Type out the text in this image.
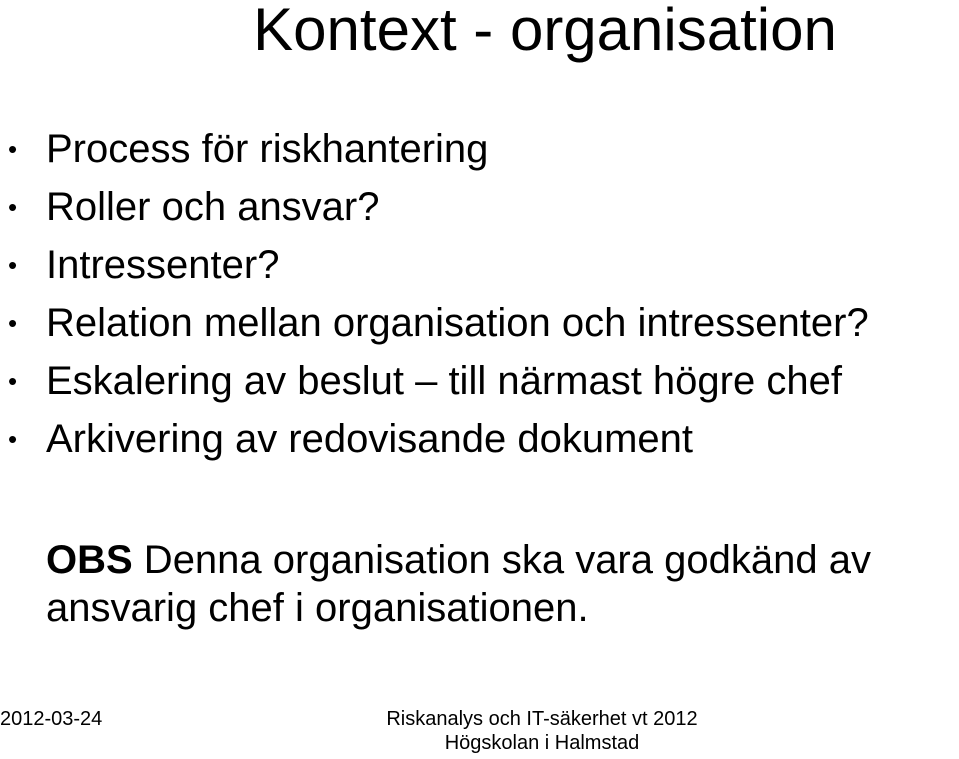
Kontext - organisation
• Process för riskhantering
• Roller och ansvar?
• Intressenter?
• Relation mellan organisation och intressenter?
• Eskalering av beslut – till närmast högre chef
• Arkivering av redovisande dokument
OBS Denna organisation ska vara godkänd av ansvarig chef i organisationen.
2012-03-24	Riskanalys och IT-säkerhet vt 2012
Högskolan i Halmstad
